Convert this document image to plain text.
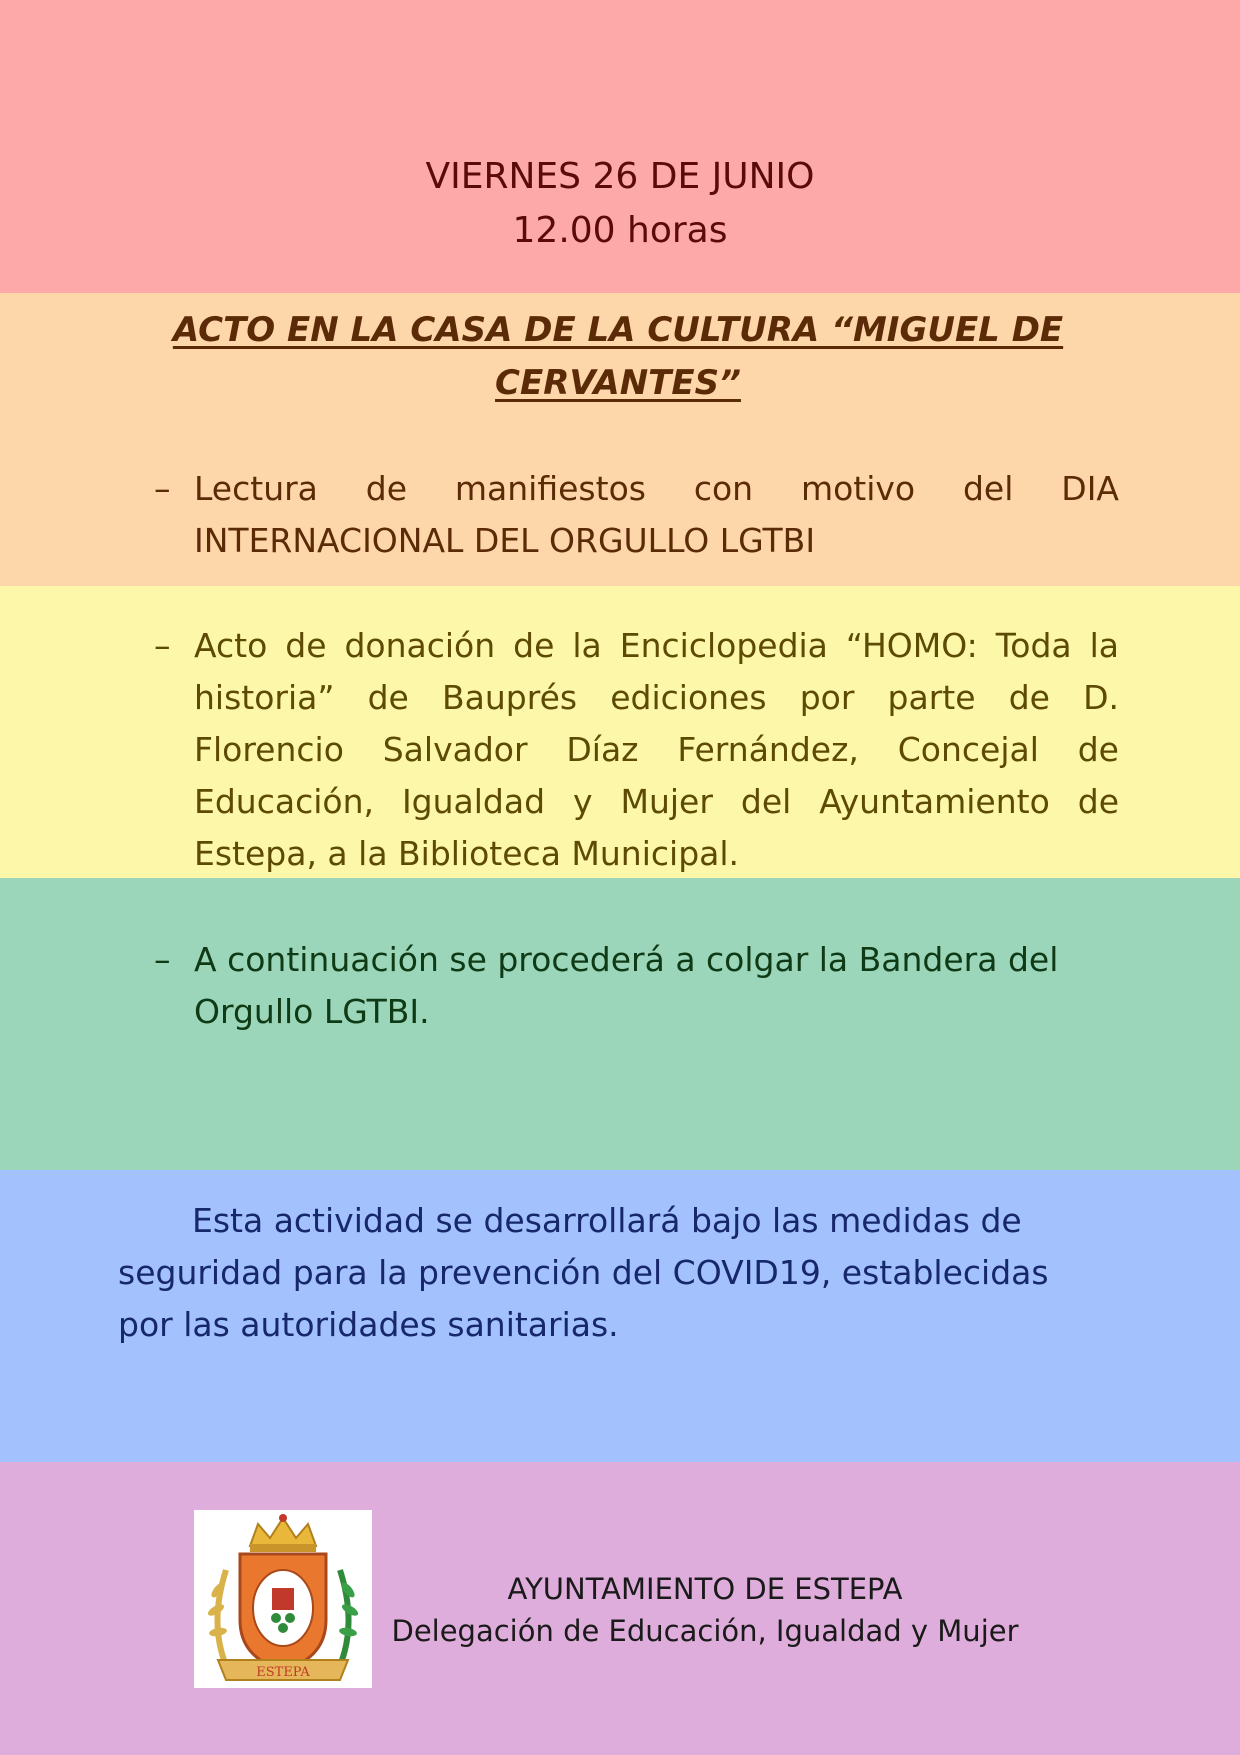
VIERNES 26 DE JUNIO
12.00 horas
ACTO EN LA CASA DE LA CULTURA “MIGUEL DE CERVANTES”
– Lectura de manifiestos con motivo del DIA INTERNACIONAL DEL ORGULLO LGTBI
– Acto de donación de la Enciclopedia “HOMO: Toda la historia” de Bauprés ediciones por parte de D. Florencio Salvador Díaz Fernández, Concejal de Educación, Igualdad y Mujer del Ayuntamiento de Estepa, a la Biblioteca Municipal.
– A continuación se procederá a colgar la Bandera del Orgullo LGTBI.
Esta actividad se desarrollará bajo las medidas de seguridad para la prevención del COVID19, establecidas por las autoridades sanitarias.
ESTEPA
AYUNTAMIENTO DE ESTEPA
Delegación de Educación, Igualdad y Mujer
